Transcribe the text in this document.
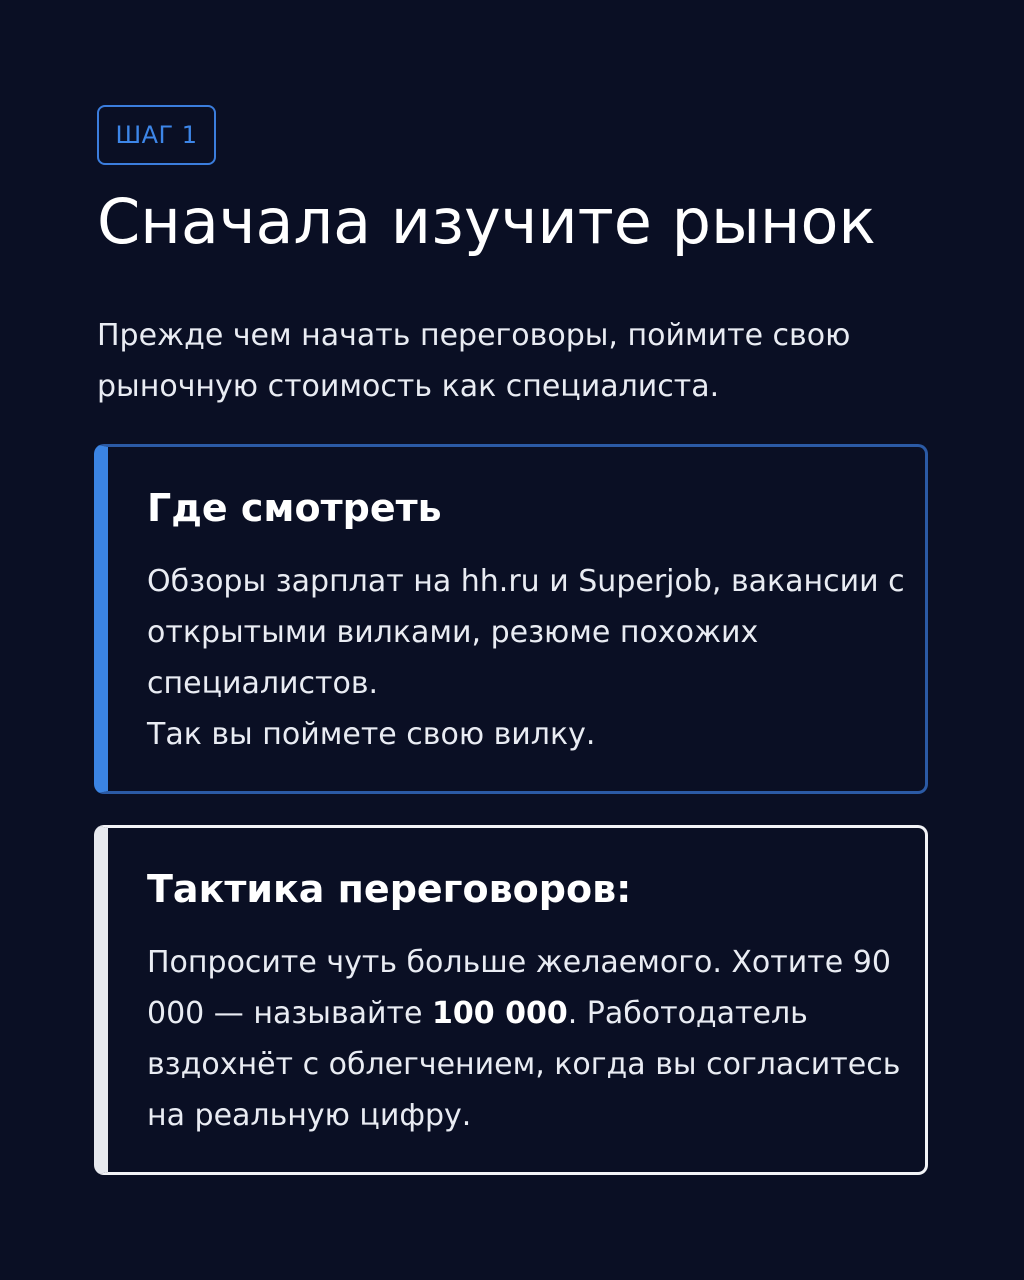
ШАГ 1
Сначала изучите рынок

Прежде чем начать переговоры, поймите свою рыночную стоимость как специалиста.

Где смотреть

Обзоры зарплат на hh.ru и Superjob, вакансии с открытыми вилками, резюме похожих специалистов.

Так вы поймете свою вилку.

Тактика переговоров:

Попросите чуть больше желаемого. Хотите 90 000 — называйте 100 000. Работодатель вздохнёт с облегчением, когда вы согласитесь на реальную цифру.
